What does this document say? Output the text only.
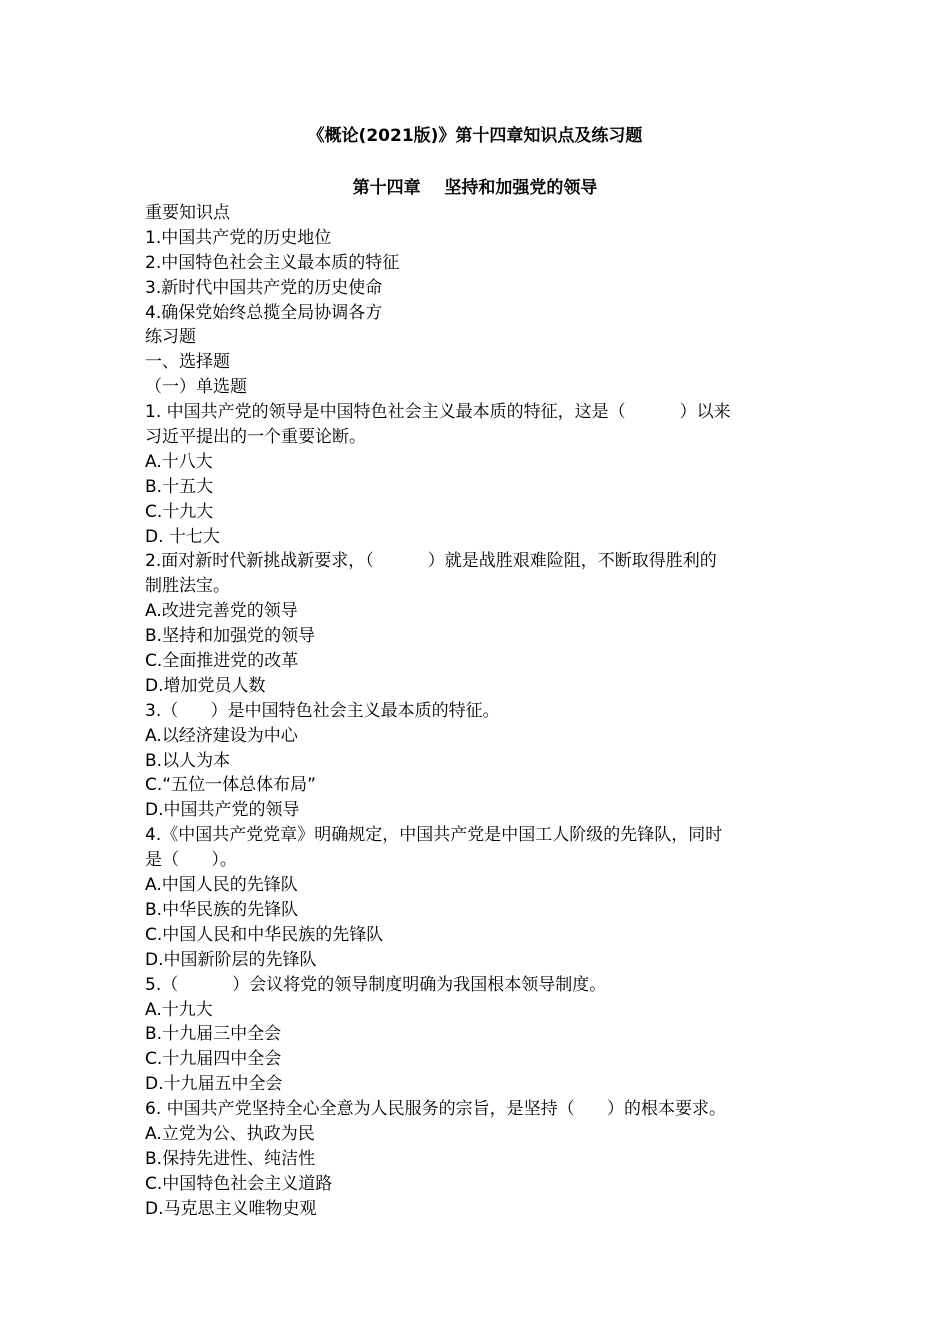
《概论(2021版)》第十四章知识点及练习题
第十四章    坚持和加强党的领导
重要知识点
1.中国共产党的历史地位
2.中国特色社会主义最本质的特征
3.新时代中国共产党的历史使命
4.确保党始终总揽全局协调各方
练习题
一、选择题
（一）单选题
1. 中国共产党的领导是中国特色社会主义最本质的特征，这是（          ）以来
习近平提出的一个重要论断。
A.十八大
B.十五大
C.十九大
D. 十七大
2.面对新时代新挑战新要求，（          ）就是战胜艰难险阻，不断取得胜利的
制胜法宝。
A.改进完善党的领导
B.坚持和加强党的领导
C.全面推进党的改革
D.增加党员人数
3.（      ）是中国特色社会主义最本质的特征。
A.以经济建设为中心
B.以人为本
C.“五位一体总体布局”
D.中国共产党的领导
4.《中国共产党党章》明确规定，中国共产党是中国工人阶级的先锋队，同时
是（      ）。
A.中国人民的先锋队
B.中华民族的先锋队
C.中国人民和中华民族的先锋队
D.中国新阶层的先锋队
5.（          ）会议将党的领导制度明确为我国根本领导制度。
A.十九大
B.十九届三中全会
C.十九届四中全会
D.十九届五中全会
6. 中国共产党坚持全心全意为人民服务的宗旨，是坚持（      ）的根本要求。
A.立党为公、执政为民
B.保持先进性、纯洁性
C.中国特色社会主义道路
D.马克思主义唯物史观
